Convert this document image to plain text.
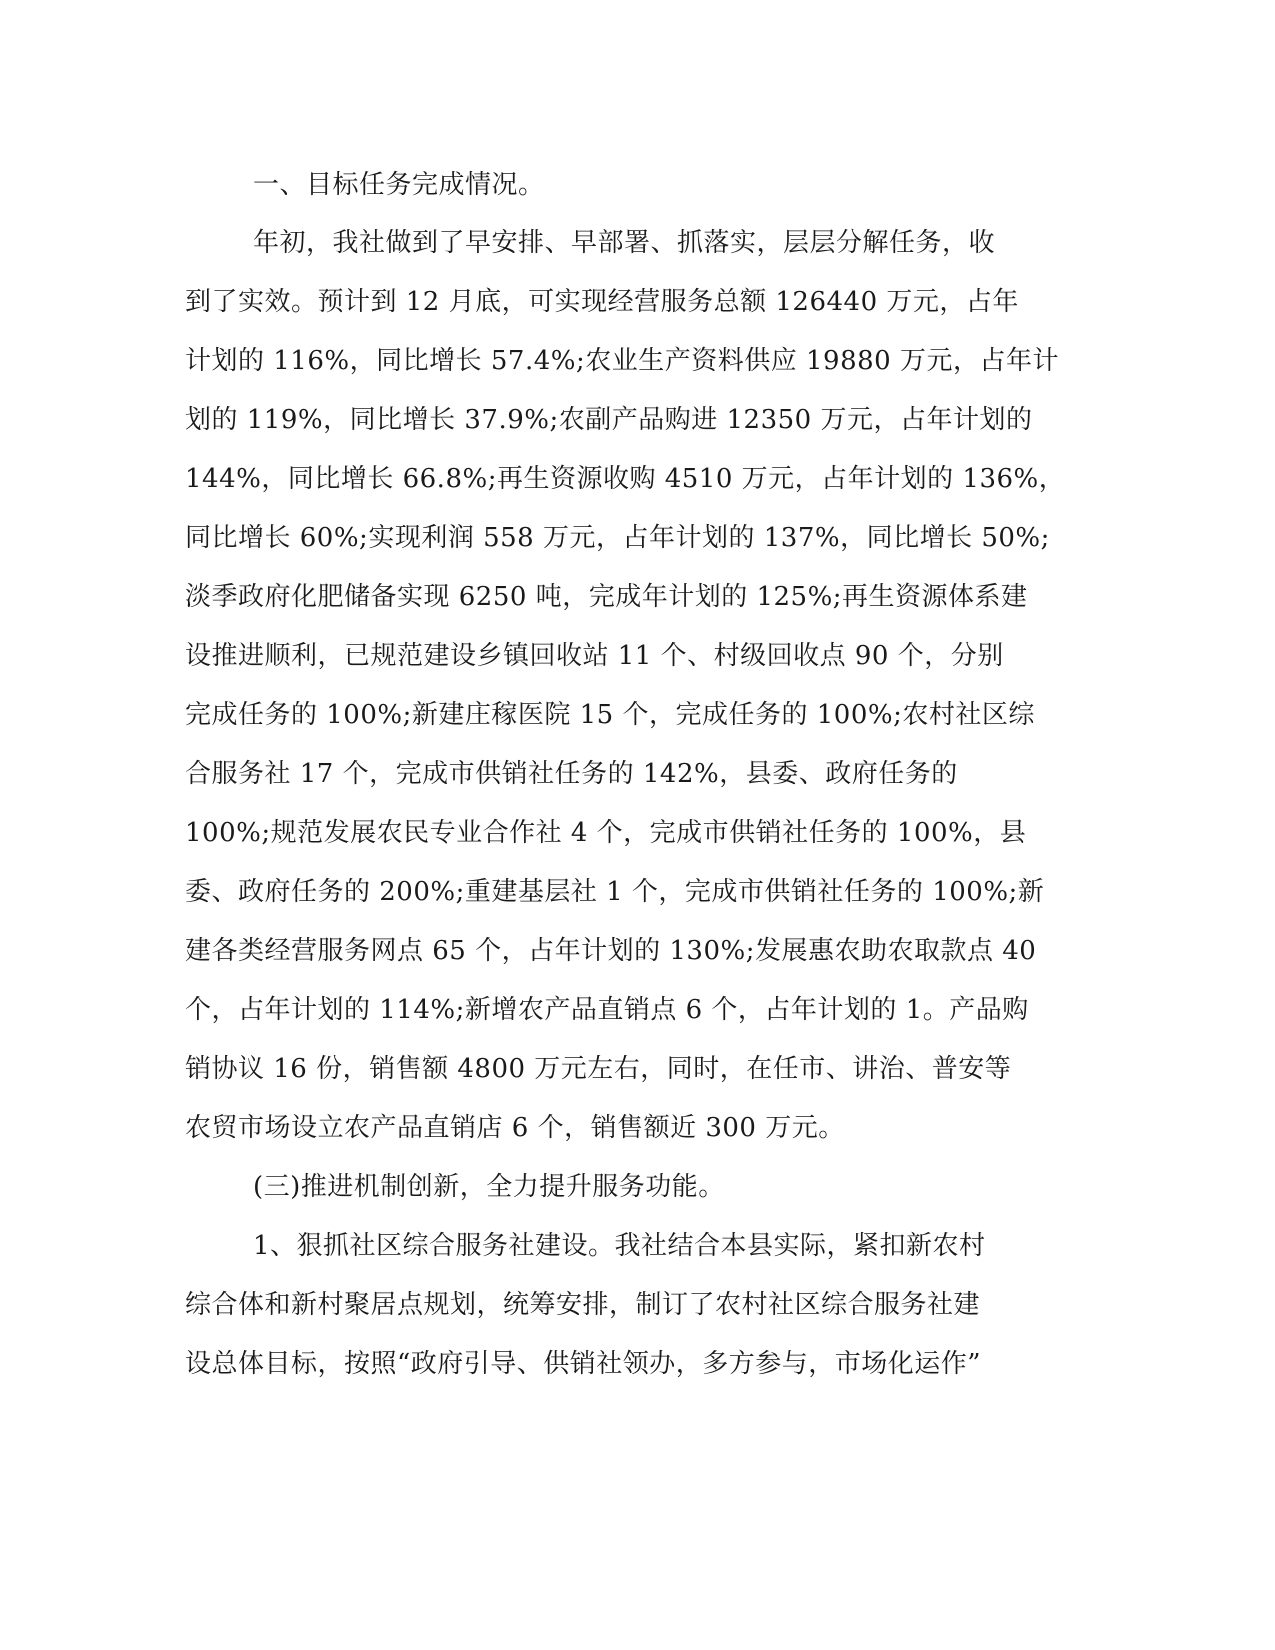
一、目标任务完成情况。
年初，我社做到了早安排、早部署、抓落实，层层分解任务，收
到了实效。预计到 12 月底，可实现经营服务总额 126440 万元，占年
计划的 116%，同比增长 57.4%;农业生产资料供应 19880 万元，占年计
划的 119%，同比增长 37.9%;农副产品购进 12350 万元，占年计划的
144%，同比增长 66.8%;再生资源收购 4510 万元，占年计划的 136%，
同比增长 60%;实现利润 558 万元，占年计划的 137%，同比增长 50%;
淡季政府化肥储备实现 6250 吨，完成年计划的 125%;再生资源体系建
设推进顺利，已规范建设乡镇回收站 11 个、村级回收点 90 个，分别
完成任务的 100%;新建庄稼医院 15 个，完成任务的 100%;农村社区综
合服务社 17 个，完成市供销社任务的 142%，县委、政府任务的
100%;规范发展农民专业合作社 4 个，完成市供销社任务的 100%，县
委、政府任务的 200%;重建基层社 1 个，完成市供销社任务的 100%;新
建各类经营服务网点 65 个，占年计划的 130%;发展惠农助农取款点 40
个，占年计划的 114%;新增农产品直销点 6 个，占年计划的 1。产品购
销协议 16 份，销售额 4800 万元左右，同时，在任市、讲治、普安等
农贸市场设立农产品直销店 6 个，销售额近 300 万元。
(三)推进机制创新，全力提升服务功能。
1、狠抓社区综合服务社建设。我社结合本县实际，紧扣新农村
综合体和新村聚居点规划，统筹安排，制订了农村社区综合服务社建
设总体目标，按照“政府引导、供销社领办，多方参与，市场化运作”
